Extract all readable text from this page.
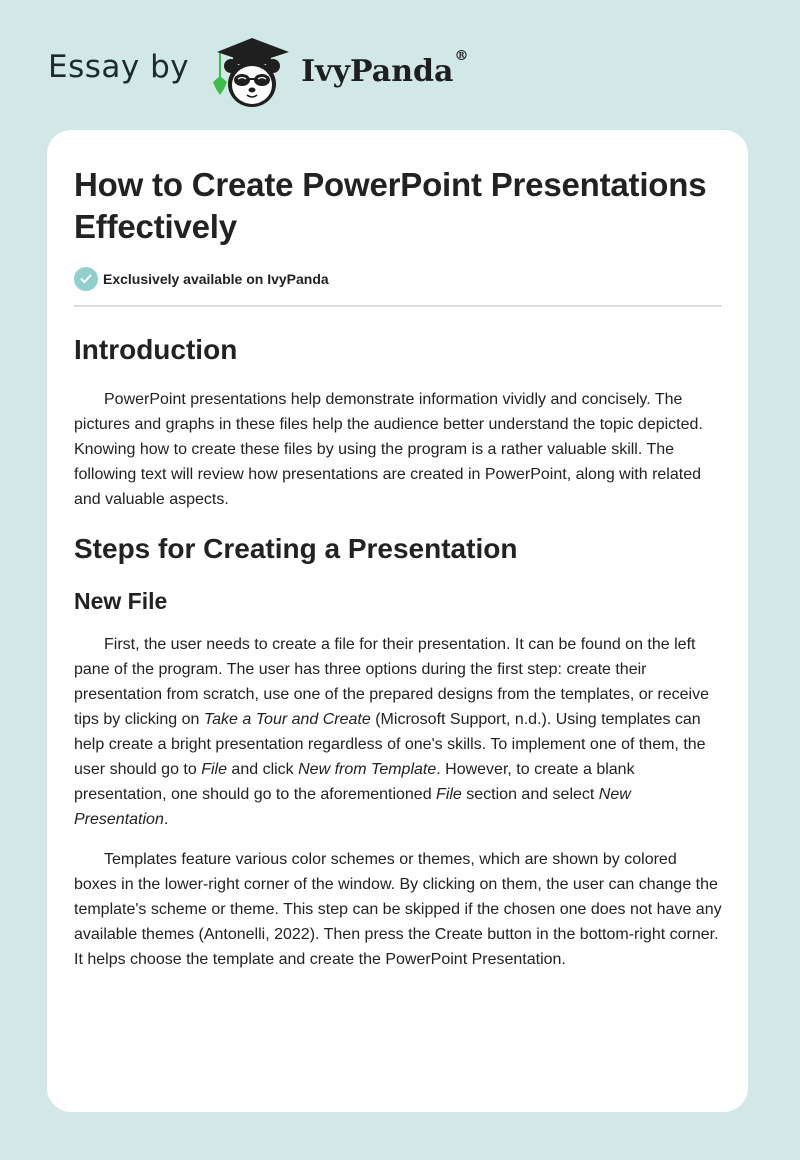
Essay by	IvyPanda®
How to Create PowerPoint Presentations Effectively
Exclusively available on IvyPanda
Introduction

PowerPoint presentations help demonstrate information vividly and concisely. The pictures and graphs in these files help the audience better understand the topic depicted. Knowing how to create these files by using the program is a rather valuable skill. The following text will review how presentations are created in PowerPoint, along with related and valuable aspects.

Steps for Creating a Presentation
New File

First, the user needs to create a file for their presentation. It can be found on the left pane of the program. The user has three options during the first step: create their presentation from scratch, use one of the prepared designs from the templates, or receive tips by clicking on Take a Tour and Create (Microsoft Support, n.d.). Using templates can help create a bright presentation regardless of one's skills. To implement one of them, the user should go to File and click New from Template. However, to create a blank presentation, one should go to the aforementioned File section and select New Presentation.

Templates feature various color schemes or themes, which are shown by colored boxes in the lower-right corner of the window. By clicking on them, the user can change the template's scheme or theme. This step can be skipped if the chosen one does not have any available themes (Antonelli, 2022). Then press the Create button in the bottom-right corner. It helps choose the template and create the PowerPoint Presentation.
